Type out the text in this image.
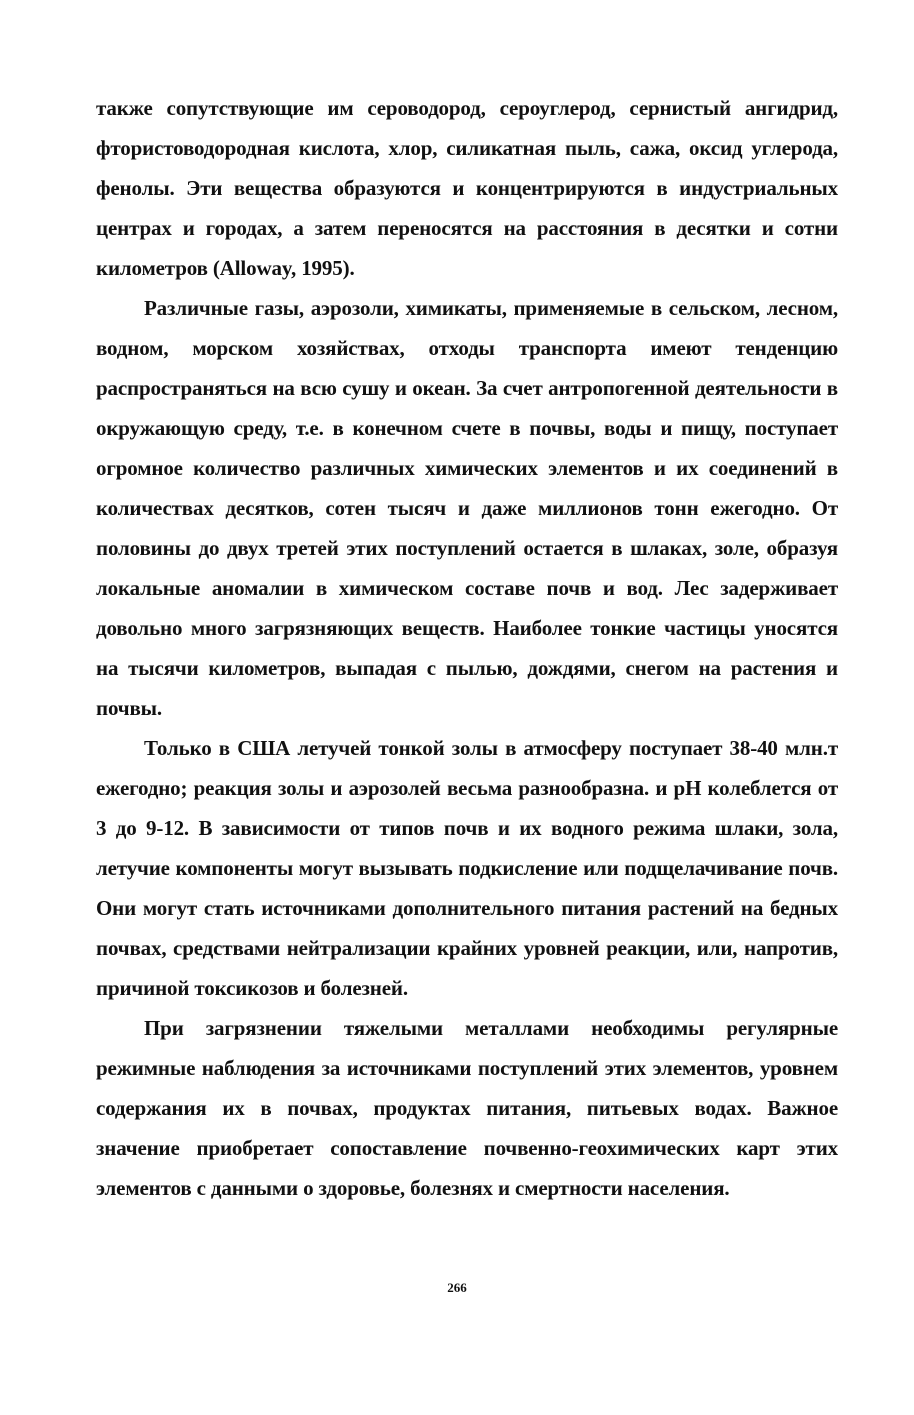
также сопутствующие им сероводород, сероуглерод, сернистый ангидрид, фтористоводородная кислота, хлор, силикатная пыль, сажа, оксид углерода, фенолы. Эти вещества образуются и концентрируются в индустриальных центрах и городах, а затем переносятся на расстояния в десятки и сотни километров (Alloway, 1995).

Различные газы, аэрозоли, химикаты, применяемые в сельском, лесном, водном, морском хозяйствах, отходы транспорта имеют тенденцию распространяться на всю сушу и океан. За счет антропогенной деятельности в окружающую среду, т.е. в конечном счете в почвы, воды и пищу, поступает огромное количество различных химических элементов и их соединений в количествах десятков, сотен тысяч и даже миллионов тонн ежегодно. От половины до двух третей этих поступлений остается в шлаках, золе, образуя локальные аномалии в химическом составе почв и вод. Лес задерживает довольно много загрязняющих веществ. Наиболее тонкие частицы уносятся на тысячи километров, выпадая с пылью, дождями, снегом на растения и почвы.

Только в США летучей тонкой золы в атмосферу поступает 38-40 млн.т ежегодно; реакция золы и аэрозолей весьма разнообразна. и pH колеблется от 3 до 9-12. В зависимости от типов почв и их водного режима шлаки, зола, летучие компоненты могут вызывать подкисление или подщелачивание почв. Они могут стать источниками дополнительного питания растений на бедных почвах, средствами нейтрализации крайних уровней реакции, или, напротив, причиной токсикозов и болезней.

При загрязнении тяжелыми металлами необходимы регулярные режимные наблюдения за источниками поступлений этих элементов, уровнем содержания их в почвах, продуктах питания, питьевых водах. Важное значение приобретает сопоставление почвенно-геохимических карт этих элементов с данными о здоровье, болезнях и смертности населения.

266
